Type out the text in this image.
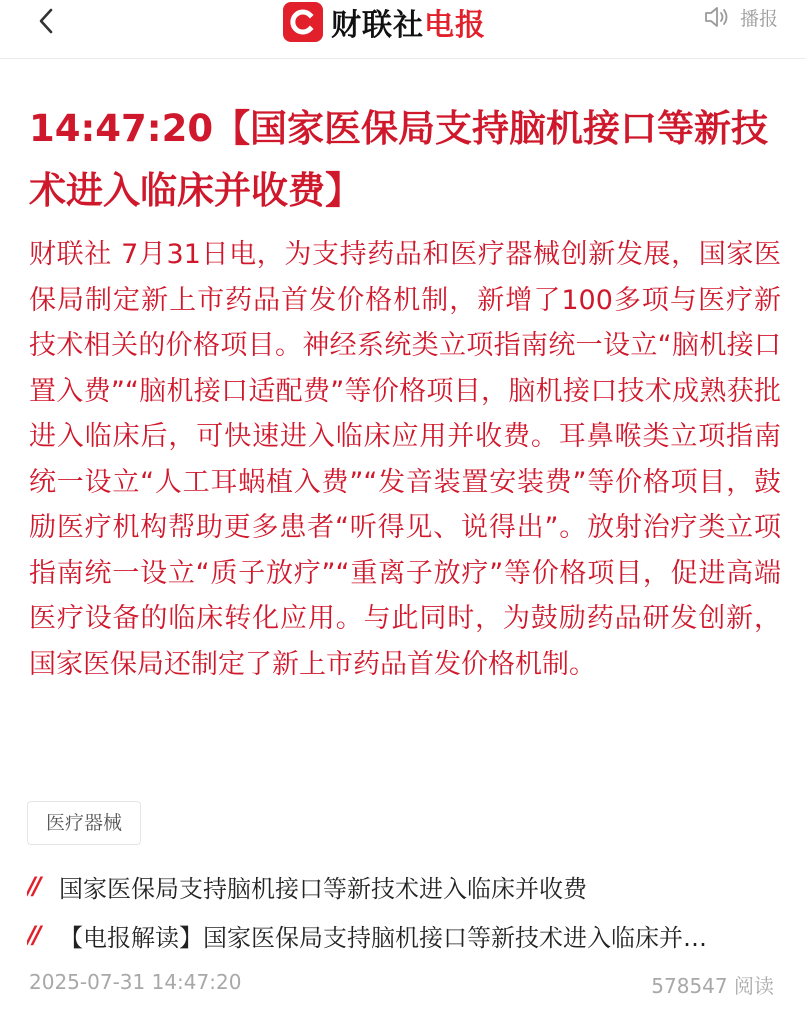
财联社电报	播报
14:47:20【国家医保局支持脑机接口等新技术进入临床并收费】

财联社 7月31日电，为支持药品和医疗器械创新发展，国家医保局制定新上市药品首发价格机制，新增了100多项与医疗新技术相关的价格项目。神经系统类立项指南统一设立“脑机接口置入费”“脑机接口适配费”等价格项目，脑机接口技术成熟获批进入临床后，可快速进入临床应用并收费。耳鼻喉类立项指南统一设立“人工耳蜗植入费”“发音装置安装费”等价格项目，鼓励医疗机构帮助更多患者“听得见、说得出”。放射治疗类立项指南统一设立“质子放疗”“重离子放疗”等价格项目，促进高端医疗设备的临床转化应用。与此同时，为鼓励药品研发创新，国家医保局还制定了新上市药品首发价格机制。

医疗器械
// 国家医保局支持脑机接口等新技术进入临床并收费
// 【电报解读】国家医保局支持脑机接口等新技术进入临床并…
2025-07-31 14:47:20	578547 阅读
